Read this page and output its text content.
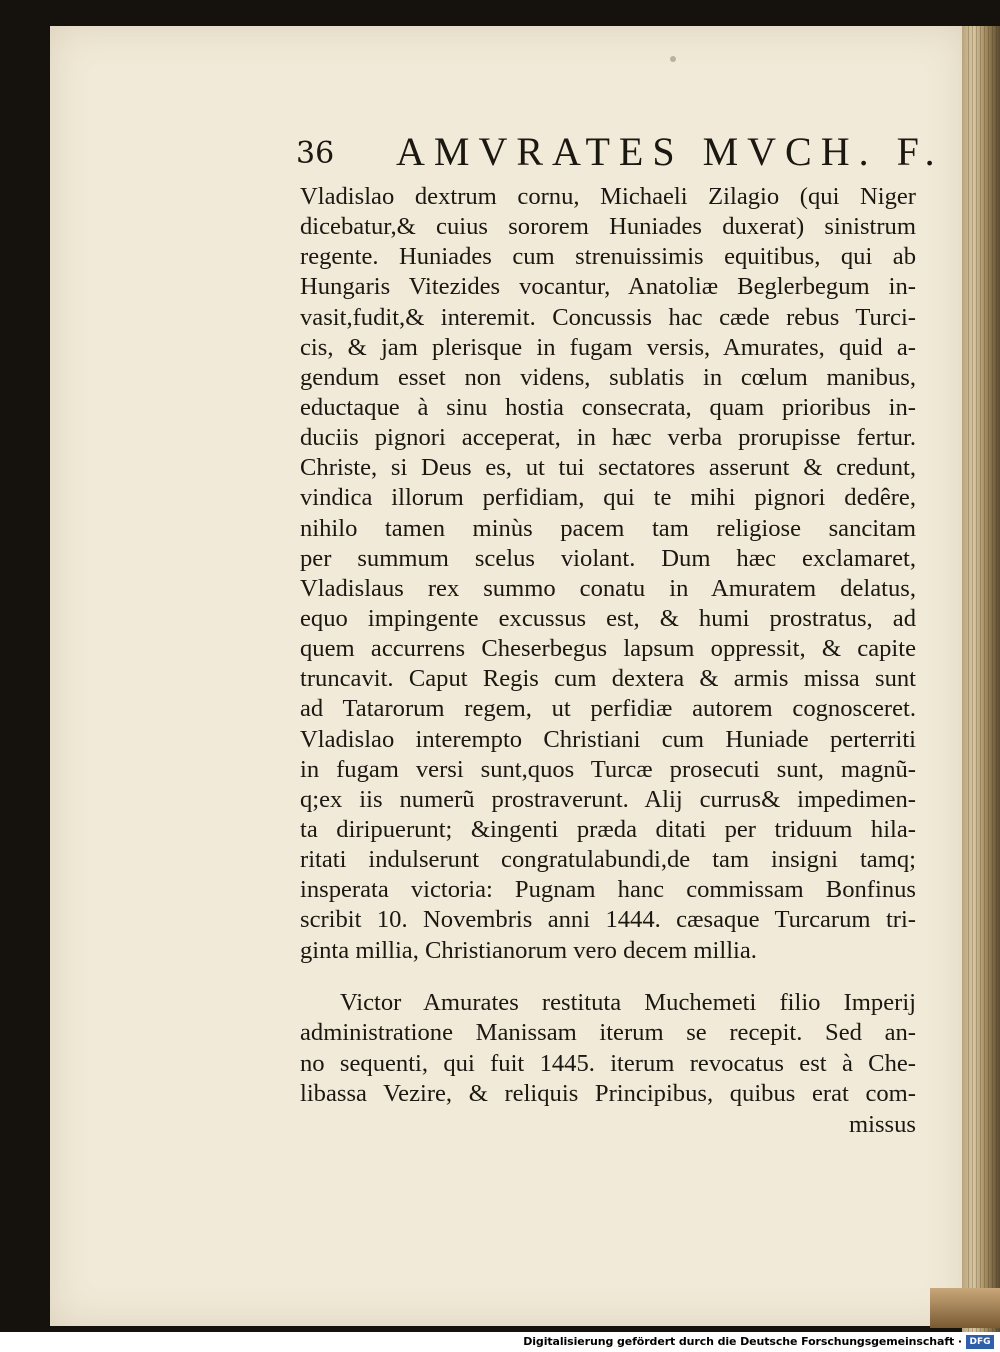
36 AMVRATES MVCH. F.
Vladislao dextrum cornu, Michaeli Zilagio (qui Niger
dicebatur,& cuius sororem Huniades duxerat) sinistrum
regente. Huniades cum strenuissimis equitibus, qui ab
Hungaris Vitezides vocantur, Anatoliæ Beglerbegum in-
vasit,fudit,& interemit. Concussis hac cæde rebus Turci-
cis, & jam plerisque in fugam versis, Amurates, quid a-
gendum esset non videns, sublatis in cœlum manibus,
eductaque à sinu hostia consecrata, quam prioribus in-
duciis pignori acceperat, in hæc verba prorupisse fertur.
Christe, si Deus es, ut tui sectatores asserunt & credunt,
vindica illorum perfidiam, qui te mihi pignori dedêre,
nihilo tamen minùs pacem tam religiose sancitam
per summum scelus violant. Dum hæc exclamaret,
Vladislaus rex summo conatu in Amuratem delatus,
equo impingente excussus est, & humi prostratus, ad
quem accurrens Cheserbegus lapsum oppressit, & capite
truncavit. Caput Regis cum dextera & armis missa sunt
ad Tatarorum regem, ut perfidiæ autorem cognosceret.
Vladislao interempto Christiani cum Huniade perterriti
in fugam versi sunt,quos Turcæ prosecuti sunt, magnũ-
q;ex iis numerũ prostraverunt. Alij currus& impedimen-
ta diripuerunt; &ingenti præda ditati per triduum hila-
ritati indulserunt congratulabundi,de tam insigni tamq;
insperata victoria: Pugnam hanc commissam Bonfinus
scribit 10. Novembris anni 1444. cæsaque Turcarum tri-
ginta millia, Christianorum vero decem millia.
Victor Amurates restituta Muchemeti filio Imperij
administratione Manissam iterum se recepit. Sed an-
no sequenti, qui fuit 1445. iterum revocatus est à Che-
libassa Vezire, & reliquis Principibus, quibus erat com-
missus
Digitalisierung gefördert durch die Deutsche Forschungsgemeinschaft · DFG
